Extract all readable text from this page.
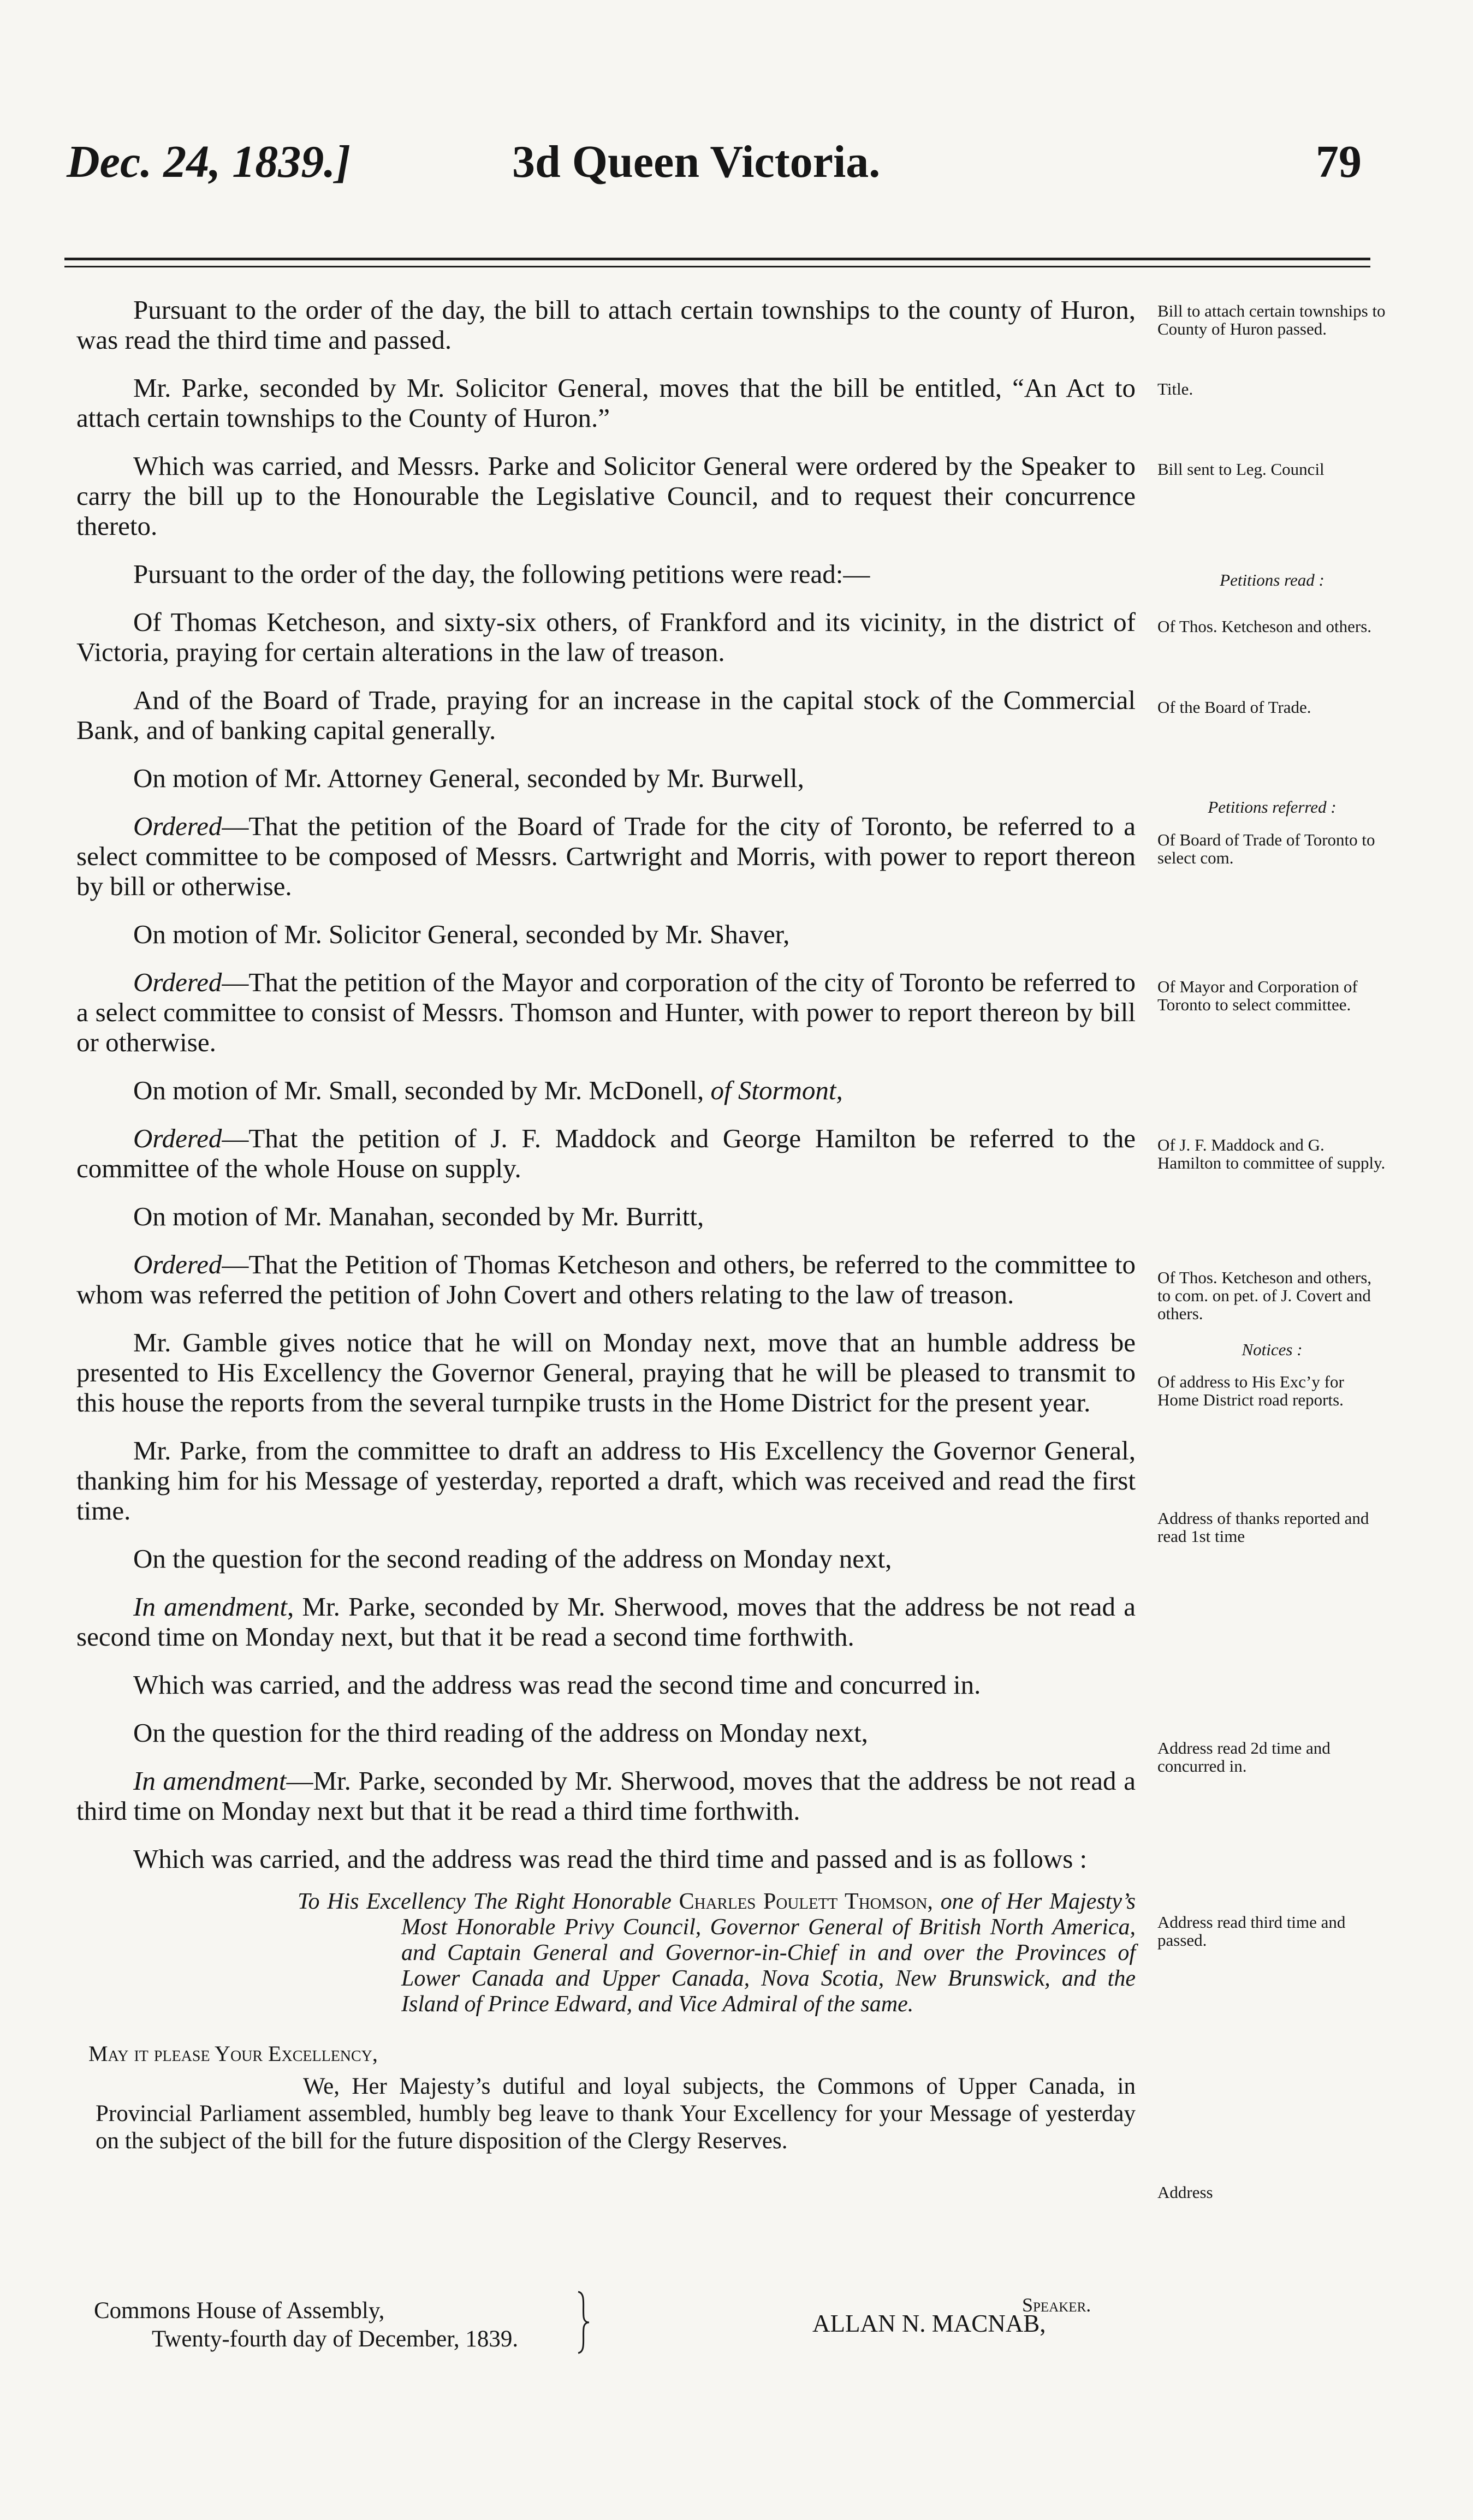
Dec. 24, 1839.]	3d Queen Victoria.	79

Pursuant to the order of the day, the bill to attach certain townships to the county of Huron, was read the third time and passed.

Mr. Parke, seconded by Mr. Solicitor General, moves that the bill be entitled, “An Act to attach certain townships to the County of Huron.”

Which was carried, and Messrs. Parke and Solicitor General were ordered by the Speaker to carry the bill up to the Honourable the Legislative Council, and to request their concurrence thereto.

Pursuant to the order of the day, the following petitions were read:—

Of Thomas Ketcheson, and sixty-six others, of Frankford and its vicinity, in the district of Victoria, praying for certain alterations in the law of treason.

And of the Board of Trade, praying for an increase in the capital stock of the Commercial Bank, and of banking capital generally.

On motion of Mr. Attorney General, seconded by Mr. Burwell,

Ordered—That the petition of the Board of Trade for the city of Toronto, be referred to a select committee to be composed of Messrs. Cartwright and Morris, with power to report thereon by bill or otherwise.

On motion of Mr. Solicitor General, seconded by Mr. Shaver,

Ordered—That the petition of the Mayor and corporation of the city of Toronto be referred to a select committee to consist of Messrs. Thomson and Hunter, with power to report thereon by bill or otherwise.

On motion of Mr. Small, seconded by Mr. McDonell, of Stormont,

Ordered—That the petition of J. F. Maddock and George Hamilton be referred to the committee of the whole House on supply.

On motion of Mr. Manahan, seconded by Mr. Burritt,

Ordered—That the Petition of Thomas Ketcheson and others, be referred to the committee to whom was referred the petition of John Covert and others relating to the law of treason.

Mr. Gamble gives notice that he will on Monday next, move that an humble address be presented to His Excellency the Governor General, praying that he will be pleased to transmit to this house the reports from the several turnpike trusts in the Home District for the present year.

Mr. Parke, from the committee to draft an address to His Excellency the Governor General, thanking him for his Message of yesterday, reported a draft, which was received and read the first time.

On the question for the second reading of the address on Monday next,

In amendment, Mr. Parke, seconded by Mr. Sherwood, moves that the address be not read a second time on Monday next, but that it be read a second time forthwith.

Which was carried, and the address was read the second time and concurred in.

On the question for the third reading of the address on Monday next,

In amendment—Mr. Parke, seconded by Mr. Sherwood, moves that the address be not read a third time on Monday next but that it be read a third time forthwith.

Which was carried, and the address was read the third time and passed and is as follows :

To His Excellency The Right Honorable Charles Poulett Thomson, one of Her Majesty’s Most Honorable Privy Council, Governor General of British North America, and Captain General and Governor-in-Chief in and over the Provinces of Lower Canada and Upper Canada, Nova Scotia, New Brunswick, and the Island of Prince Edward, and Vice Admiral of the same.
May it please Your Excellency,
We, Her Majesty’s dutiful and loyal subjects, the Commons of Upper Canada, in Provincial Parliament assembled, humbly beg leave to thank Your Excellency for your Message of yesterday on the subject of the bill for the future disposition of the Clergy Reserves.
Speaker.
ALLAN N. MACNAB,
Commons House of Assembly,
Twenty-fourth day of December, 1839.
Bill to attach certain townships to County of Huron passed.
Title.
Bill sent to Leg. Council
Petitions read :
Of Thos. Ketcheson and others.
Of the Board of Trade.
Petitions referred :
Of Board of Trade of Toronto to select com.
Of Mayor and Corporation of Toronto to select committee.
Of J. F. Maddock and G. Hamilton to committee of supply.
Of Thos. Ketcheson and others, to com. on pet. of J. Covert and others.
Notices :
Of address to His Exc’y for Home District road reports.
Address of thanks reported and read 1st time
Address read 2d time and concurred in.
Address read third time and passed.
Address
